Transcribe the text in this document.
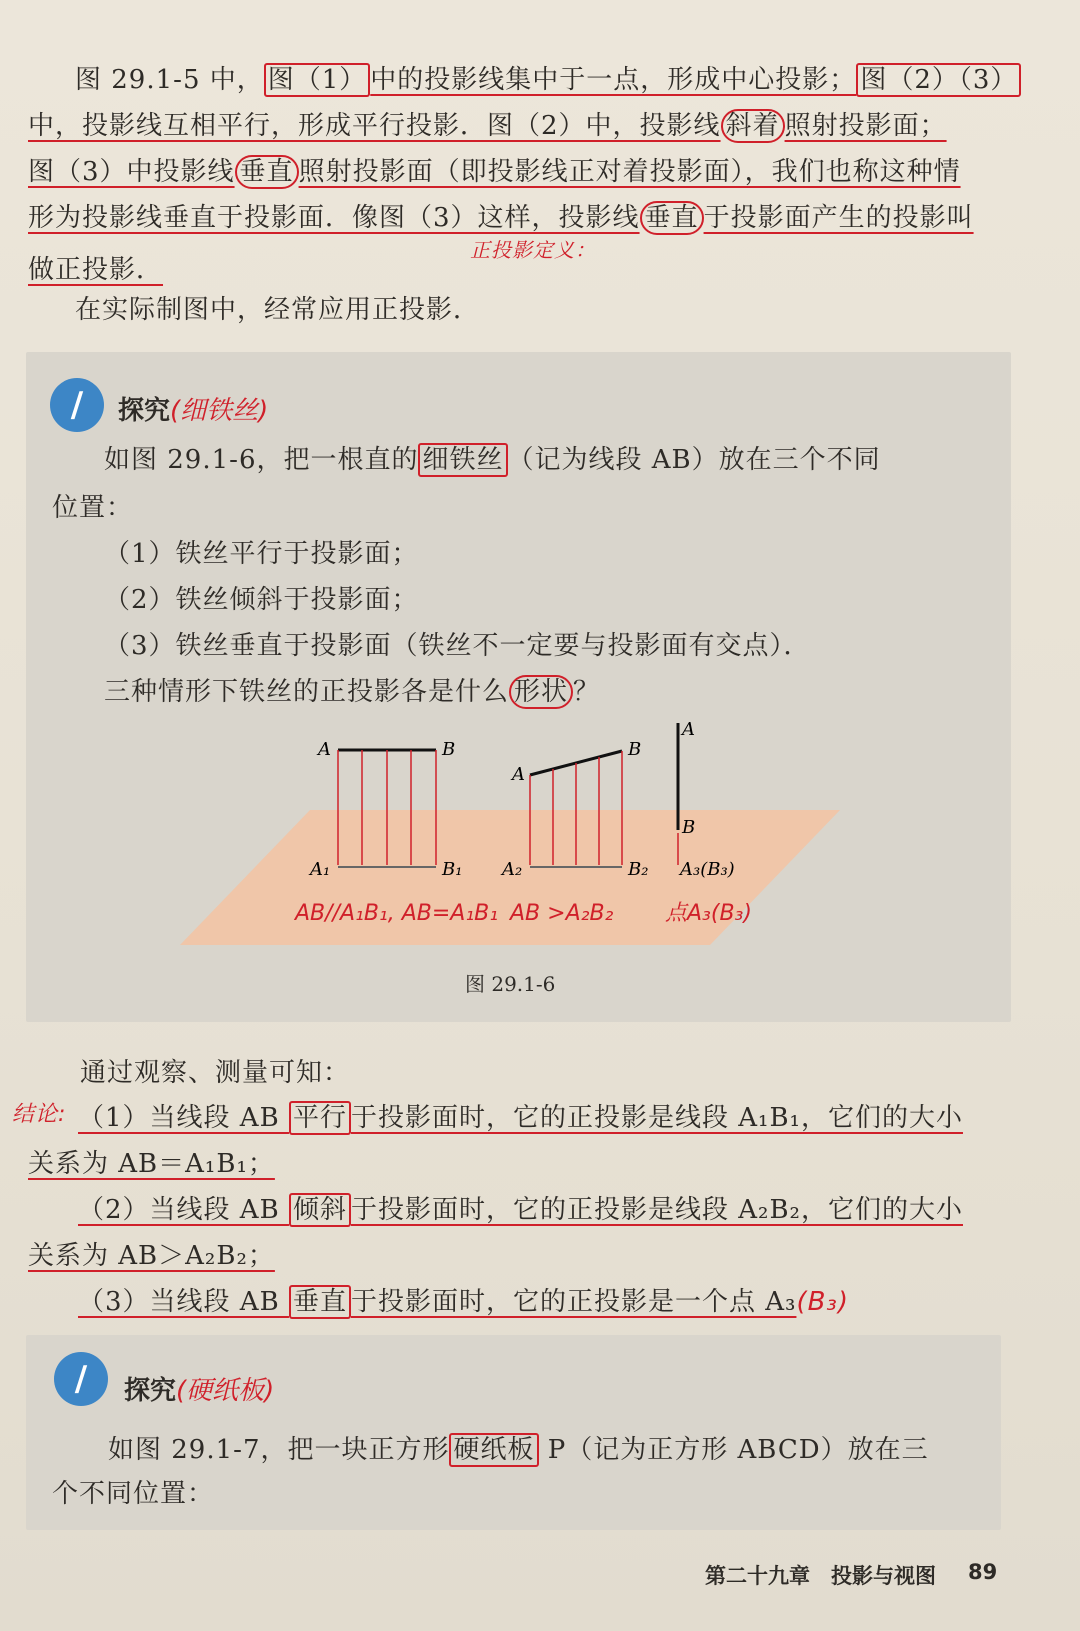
图 29.1-5 中， 图（1） 中的投影线集中于一点，形成中心投影； 图（2）（3）
中，投影线互相平行，形成平行投影．图（2）中，投影线 斜着 照射投影面；
图（3）中投影线 垂直 照射投影面（即投影线正对着投影面），我们也称这种情
形为投影线垂直于投影面．像图（3）这样，投影线 垂直 于投影面产生的投影叫
正投影定义：
做正投影．
在实际制图中，经常应用正投影．
∕	探究(细铁丝)
如图 29.1-6，把一根直的 细铁丝 （记为线段 AB）放在三个不同
位置：
（1）铁丝平行于投影面；
（2）铁丝倾斜于投影面；
（3）铁丝垂直于投影面（铁丝不一定要与投影面有交点）．
三种情形下铁丝的正投影各是什么 形状 ？
A	B
A₁	B₁
A
B
A₂	B₂
A
B
A₃(B₃)
AB//A₁B₁, AB=A₁B₁ AB >A₂B₂ 点A₃(B₃)
图 29.1-6
通过观察、测量可知：
结论: （1）当线段 AB 平行 于投影面时，它的正投影是线段 A₁B₁，它们的大小
关系为 AB＝A₁B₁；
（2）当线段 AB 倾斜 于投影面时，它的正投影是线段 A₂B₂，它们的大小
关系为 AB＞A₂B₂；
（3）当线段 AB 垂直 于投影面时，它的正投影是一个点 A₃(B₃)
∕	探究(硬纸板)
如图 29.1-7，把一块正方形 硬纸板 P（记为正方形 ABCD）放在三
个不同位置：
第二十九章　投影与视图 89
